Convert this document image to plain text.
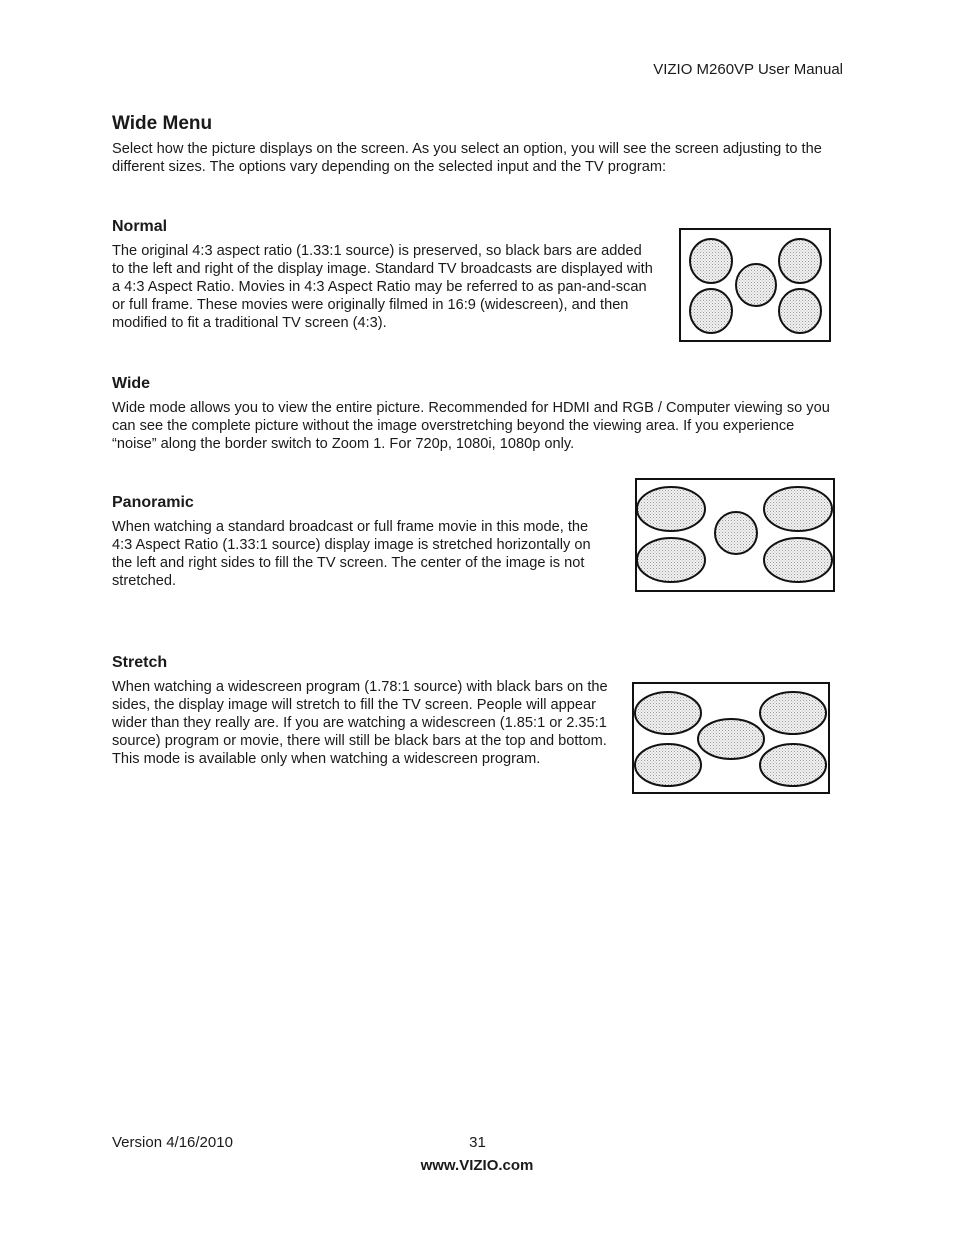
VIZIO M260VP User Manual
Wide Menu

Select how the picture displays on the screen. As you select an option, you will see the screen adjusting to the different sizes. The options vary depending on the selected input and the TV program:

Normal

The original 4:3 aspect ratio (1.33:1 source) is preserved, so black bars are added to the left and right of the display image. Standard TV broadcasts are displayed with a 4:3 Aspect Ratio. Movies in 4:3 Aspect Ratio may be referred to as pan-and-scan or full frame. These movies were originally filmed in 16:9 (widescreen), and then modified to fit a traditional TV screen (4:3).

Wide

Wide mode allows you to view the entire picture. Recommended for HDMI and RGB / Computer viewing so you can see the complete picture without the image overstretching beyond the viewing area. If you experience “noise” along the border switch to Zoom 1. For 720p, 1080i, 1080p only.

Panoramic

When watching a standard broadcast or full frame movie in this mode, the 4:3 Aspect Ratio (1.33:1 source) display image is stretched horizontally on the left and right sides to fill the TV screen. The center of the image is not stretched.

Stretch

When watching a widescreen program (1.78:1 source) with black bars on the sides, the display image will stretch to fill the TV screen. People will appear wider than they really are. If you are watching a widescreen (1.85:1 or 2.35:1 source) program or movie, there will still be black bars at the top and bottom. This mode is available only when watching a widescreen program.

Version 4/16/2010	31
www.VIZIO.com
